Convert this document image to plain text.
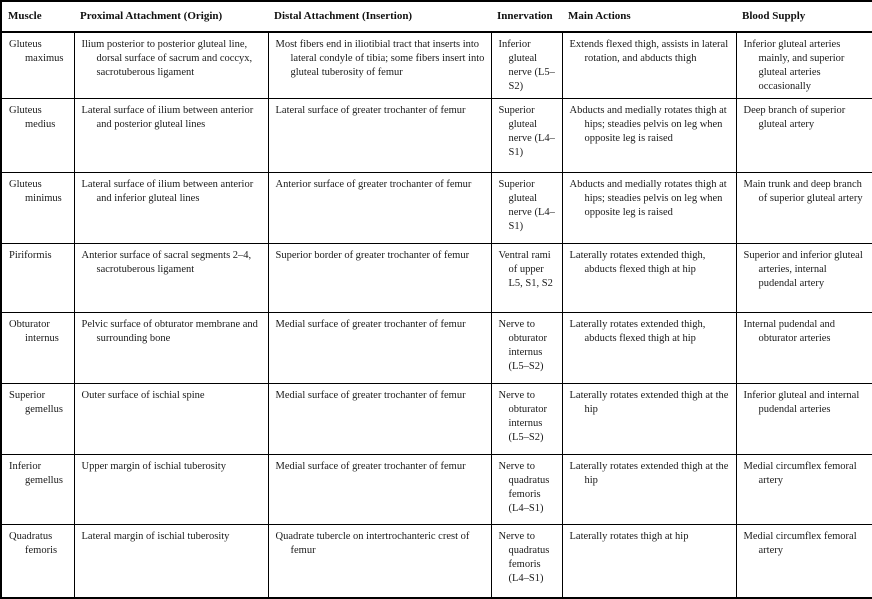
Muscle	Proximal Attachment (Origin)	Distal Attachment (Insertion)	Innervation	Main Actions	Blood Supply

Gluteus maximus	Ilium posterior to posterior gluteal line, dorsal surface of sacrum and coccyx, sacrotuberous ligament	Most fibers end in iliotibial tract that inserts into lateral condyle of tibia; some fibers insert into gluteal tuberosity of femur	Inferior gluteal nerve (L5–S2)	Extends flexed thigh, assists in lateral rotation, and abducts thigh	Inferior gluteal arteries mainly, and superior gluteal arteries occasionally

Gluteus medius	Lateral surface of ilium between anterior and posterior gluteal lines	Lateral surface of greater trochanter of femur	Superior gluteal nerve (L4–S1)	Abducts and medially rotates thigh at hips; steadies pelvis on leg when opposite leg is raised	Deep branch of superior gluteal artery

Gluteus minimus	Lateral surface of ilium between anterior and inferior gluteal lines	Anterior surface of greater trochanter of femur	Superior gluteal nerve (L4–S1)	Abducts and medially rotates thigh at hips; steadies pelvis on leg when opposite leg is raised	Main trunk and deep branch of superior gluteal artery

Piriformis	Anterior surface of sacral segments 2–4, sacrotuberous ligament	Superior border of greater trochanter of femur	Ventral rami of upper L5, S1, S2	Laterally rotates extended thigh, abducts flexed thigh at hip	Superior and inferior gluteal arteries, internal pudendal artery

Obturator internus	Pelvic surface of obturator membrane and surrounding bone	Medial surface of greater trochanter of femur	Nerve to obturator internus (L5–S2)	Laterally rotates extended thigh, abducts flexed thigh at hip	Internal pudendal and obturator arteries

Superior gemellus	Outer surface of ischial spine	Medial surface of greater trochanter of femur	Nerve to obturator internus (L5–S2)	Laterally rotates extended thigh at the hip	Inferior gluteal and internal pudendal arteries

Inferior gemellus	Upper margin of ischial tuberosity	Medial surface of greater trochanter of femur	Nerve to quadratus femoris (L4–S1)	Laterally rotates extended thigh at the hip	Medial circumflex femoral artery

Quadratus femoris	Lateral margin of ischial tuberosity	Quadrate tubercle on intertrochanteric crest of femur	Nerve to quadratus femoris (L4–S1)	Laterally rotates thigh at hip	Medial circumflex femoral artery
